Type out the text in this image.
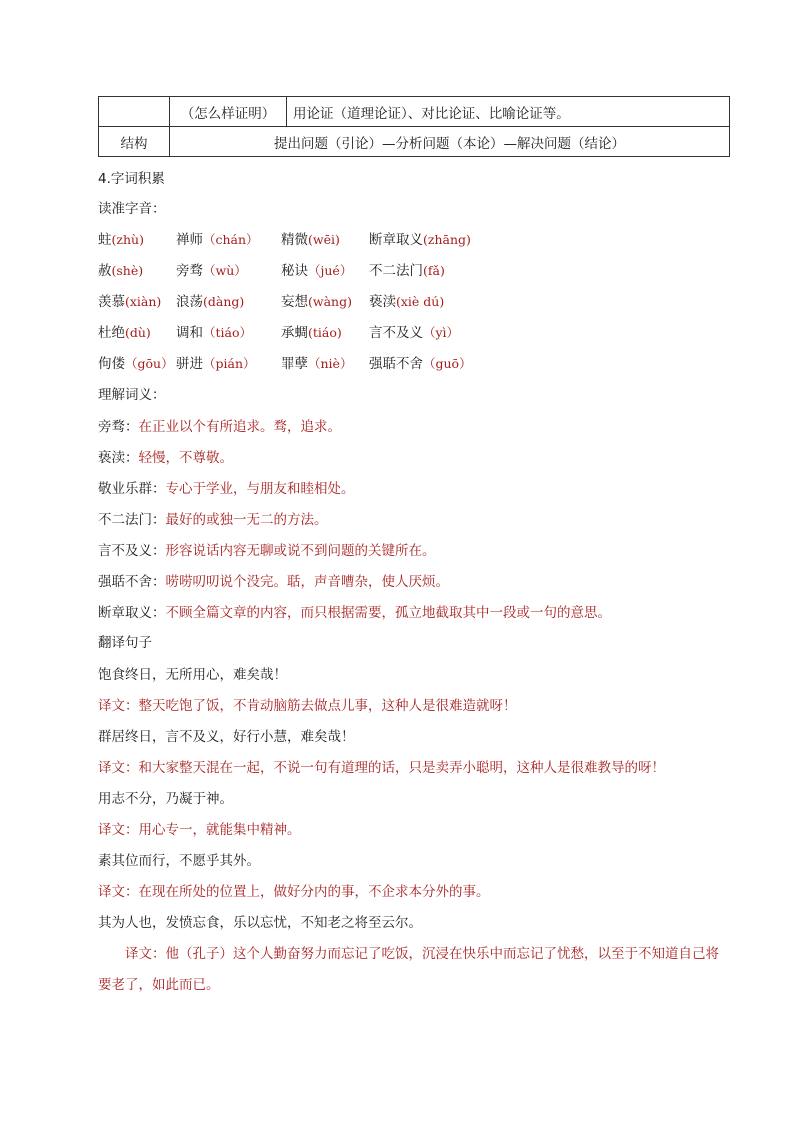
	（怎么样证明）	用论证（道理论证）、对比论证、比喻论证等。
结构	提出问题（引论）—分析问题（本论）—解决问题（结论）	
4.字词积累
读准字音：
蛀(zhù) 禅师（chán） 精微(wēi) 断章取义(zhāng)
赦(shè) 旁骛（wù）	秘诀（jué） 不二法门(fǎ)
羡慕(xiàn) 浪荡(dàng)	妄想(wàng) 亵渎(xiè dú)
杜绝(dù) 调和（tiáo） 承蜩(tiáo) 言不及义（yì）
佝偻（gōu） 骈进（pián） 罪孽（niè） 强聒不舍（guō）
理解词义：
旁骛：在正业以个有所追求。骛，追求。
亵渎：轻慢，不尊敬。
敬业乐群：专心于学业，与朋友和睦相处。
不二法门：最好的或独一无二的方法。
言不及义：形容说话内容无聊或说不到问题的关键所在。
强聒不舍：唠唠叨叨说个没完。聒，声音嘈杂，使人厌烦。
断章取义：不顾全篇文章的内容，而只根据需要，孤立地截取其中一段或一句的意思。
翻译句子
饱食终日，无所用心，难矣哉！
译文：整天吃饱了饭，不肯动脑筋去做点儿事，这种人是很难造就呀！
群居终日，言不及义，好行小慧，难矣哉！
译文：和大家整天混在一起，不说一句有道理的话，只是卖弄小聪明，这种人是很难教导的呀！
用志不分，乃凝于神。
译文：用心专一，就能集中精神。
素其位而行，不愿乎其外。
译文：在现在所处的位置上，做好分内的事，不企求本分外的事。
其为人也，发愤忘食，乐以忘忧，不知老之将至云尔。
译文：他（孔子）这个人勤奋努力而忘记了吃饭，沉浸在快乐中而忘记了忧愁，以至于不知道自己将要老了，如此而已。
